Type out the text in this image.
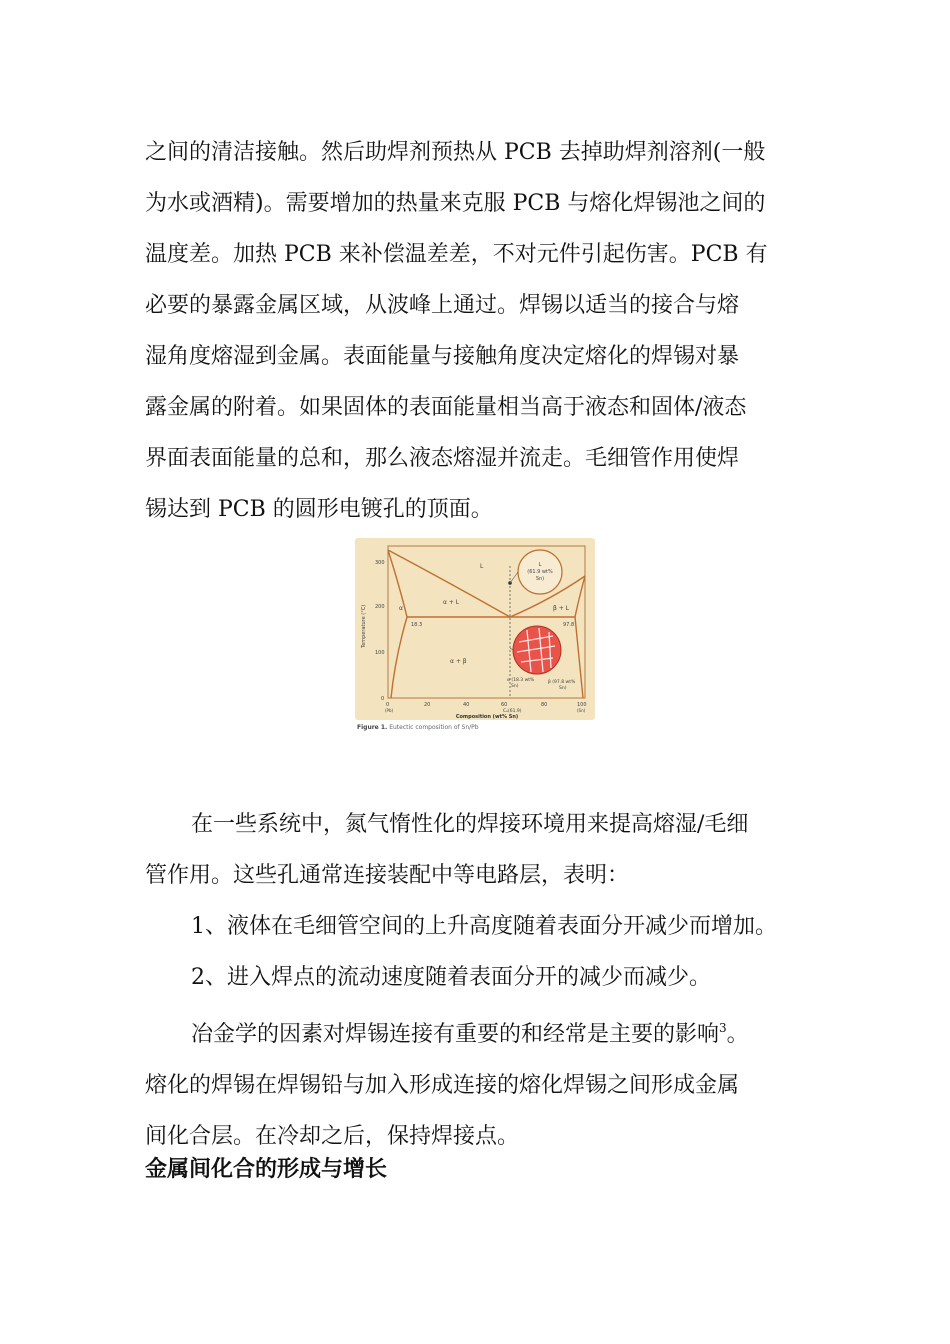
之间的清洁接触。然后助焊剂预热从 PCB 去掉助焊剂溶剂(一般
为水或酒精)。需要增加的热量来克服 PCB 与熔化焊锡池之间的
温度差。加热 PCB 来补偿温差差，不对元件引起伤害。PCB 有
必要的暴露金属区域，从波峰上通过。焊锡以适当的接合与熔
湿角度熔湿到金属。表面能量与接触角度决定熔化的焊锡对暴
露金属的附着。如果固体的表面能量相当高于液态和固体/液态
界面表面能量的总和，那么液态熔湿并流走。毛细管作用使焊
锡达到 PCB 的圆形电镀孔的顶面。
L
(61.9 wt%
Sn)
L
α + L
α	β + L
α + β
18.3	97.8
α (18.3 wt%
Sn)
β (97.8 wt%
Sn)
300
200
100
0
Temperature (°C)
0	20	40	60	80	100
(Pb)	(Sn)
Cₑ(61.9)
Composition (wt% Sn)
Figure 1. Eutectic composition of Sn/Pb
在一些系统中，氮气惰性化的焊接环境用来提高熔湿/毛细
管作用。这些孔通常连接装配中等电路层，表明：
1、液体在毛细管空间的上升高度随着表面分开减少而增加。
2、进入焊点的流动速度随着表面分开的减少而减少。
冶金学的因素对焊锡连接有重要的和经常是主要的影响$^3$。
熔化的焊锡在焊锡铅与加入形成连接的熔化焊锡之间形成金属
间化合层。在冷却之后，保持焊接点。
金属间化合的形成与增长
